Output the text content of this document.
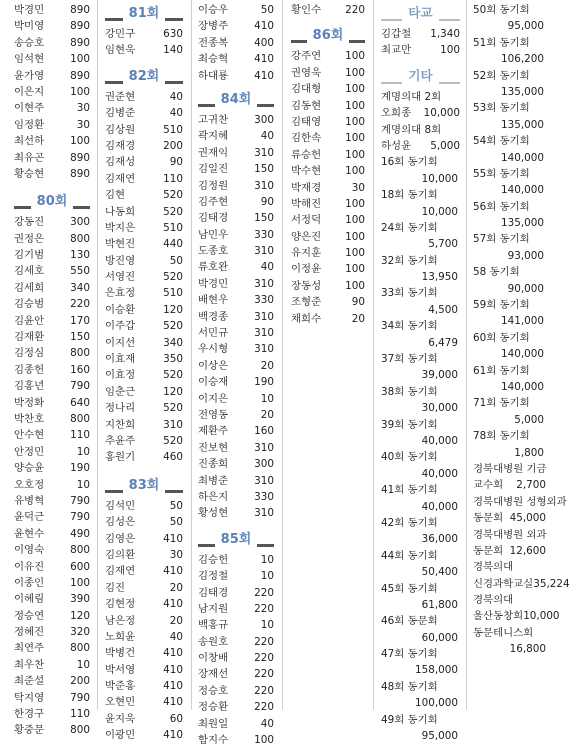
박경민	890
박미영	890
송승호	890
임석현	100
윤가영	890
이은지	100
이현주	30
임정환	30
최선하	100
최유곤	890
황승현	890
80회
강동진	300
권정은	800
김기범	130
김세호	550
김세희	340
김승범	220
김윤안	170
김재환	150
김정심	800
김종헌	160
김홍년	790
박정화	640
박찬호	800
안수현	110
안정민	10
양승윤	190
오호정	10
유병혁	790
윤덕근	790
윤현수	490
이영숙	800
이유진	600
이종인	100
이혜림	390
정승연	120
정혜진	320
최연주	800
최우찬	10
최준설	200
탁지영	790
한경구	110
황중문	800
81회
강민구	630
임현욱	140
82회
권준현	40
김병준	40
김상원	510
김재경	200
김재성	90
김재연	110
김현	520
나동희	520
박지은	510
박현진	440
방진영	50
서영진	520
은효정	510
이승환	120
이주갑	520
이지선	340
이효재	350
이효정	520
임춘근	120
정나리	520
지찬희	310
추윤주	520
홍원기	460
83회
김석민	50
김성은	50
김영은	410
김의환	30
김재연	410
김진	20
김현정	410
남은정	20
노희윤	40
박병건	410
박서영	410
박준홍	410
오현민	410
윤지욱	60
이광민	410
이승우	50
장병주	410
전종복	400
최승혁	410
하대룡	410
84회
고귀찬	300
곽지혜	40
권재익	310
김일진	150
김정원	310
김주현	90
김태경	150
남민우	330
도종호	310
류호완	40
박경민	310
배현우	330
백경종	310
서민규	310
우시형	310
이상은	20
이승재	190
이지은	10
전영동	20
제환주	160
진보현	310
진종희	300
최병준	310
하은지	330
황성현	310
85회
김승헌	10
김정철	10
김태경	220
남지원	220
백홍규	10
송원호	220
이창배	220
장재선	220
정승호	220
정승환	220
최원일	40
함지수	100
황인수 220
86회
강주연 100
권영욱 100
김대형 100
김동현 100
김태영 100
김한속 100
류승헌 100
박수현 100
박재경	30
박해진 100
서정덕 100
양은진 100
유지훈 100
이정윤 100
장동성 100
조형준	90
채희수	20
타교
김갑철 1,340
최교만	100
기타
계명의대 2회
오희종 10,000
계명의대 8회
하성윤 5,000
16회 동기회
10,000
18회 동기회
10,000
24회 동기회
5,700
32회 동기회
13,950
33회 동기회
4,500
34회 동기회
6,479
37회 동기회
39,000
38회 동기회
30,000
39회 동기회
40,000
40회 동기회
40,000
41회 동기회
40,000
42회 동기회
36,000
44회 동기회
50,400
45회 동기회
61,800
46회 동문회
60,000
47회 동기회
158,000
48회 동기회
100,000
49회 동기회
95,000
50회 동기회
95,000
51회 동기회
106,200
52회 동기회
135,000
53회 동기회
135,000
54회 동기회
140,000
55회 동기회
140,000
56회 동기회
135,000
57회 동기회
93,000
58 동기회
90,000
59회 동기회
141,000
60회 동기회
140,000
61회 동기회
140,000
71회 동기회
5,000
78회 동기회
1,800
경북대병원 기금
교수회 2,700
경북대병원 성형외과
동문회 45,000
경북대병원 외과
동문회 12,600
경북의대
신경과학교실 35,224
경북의대
울산동창회 10,000
동문테니스회
16,800
